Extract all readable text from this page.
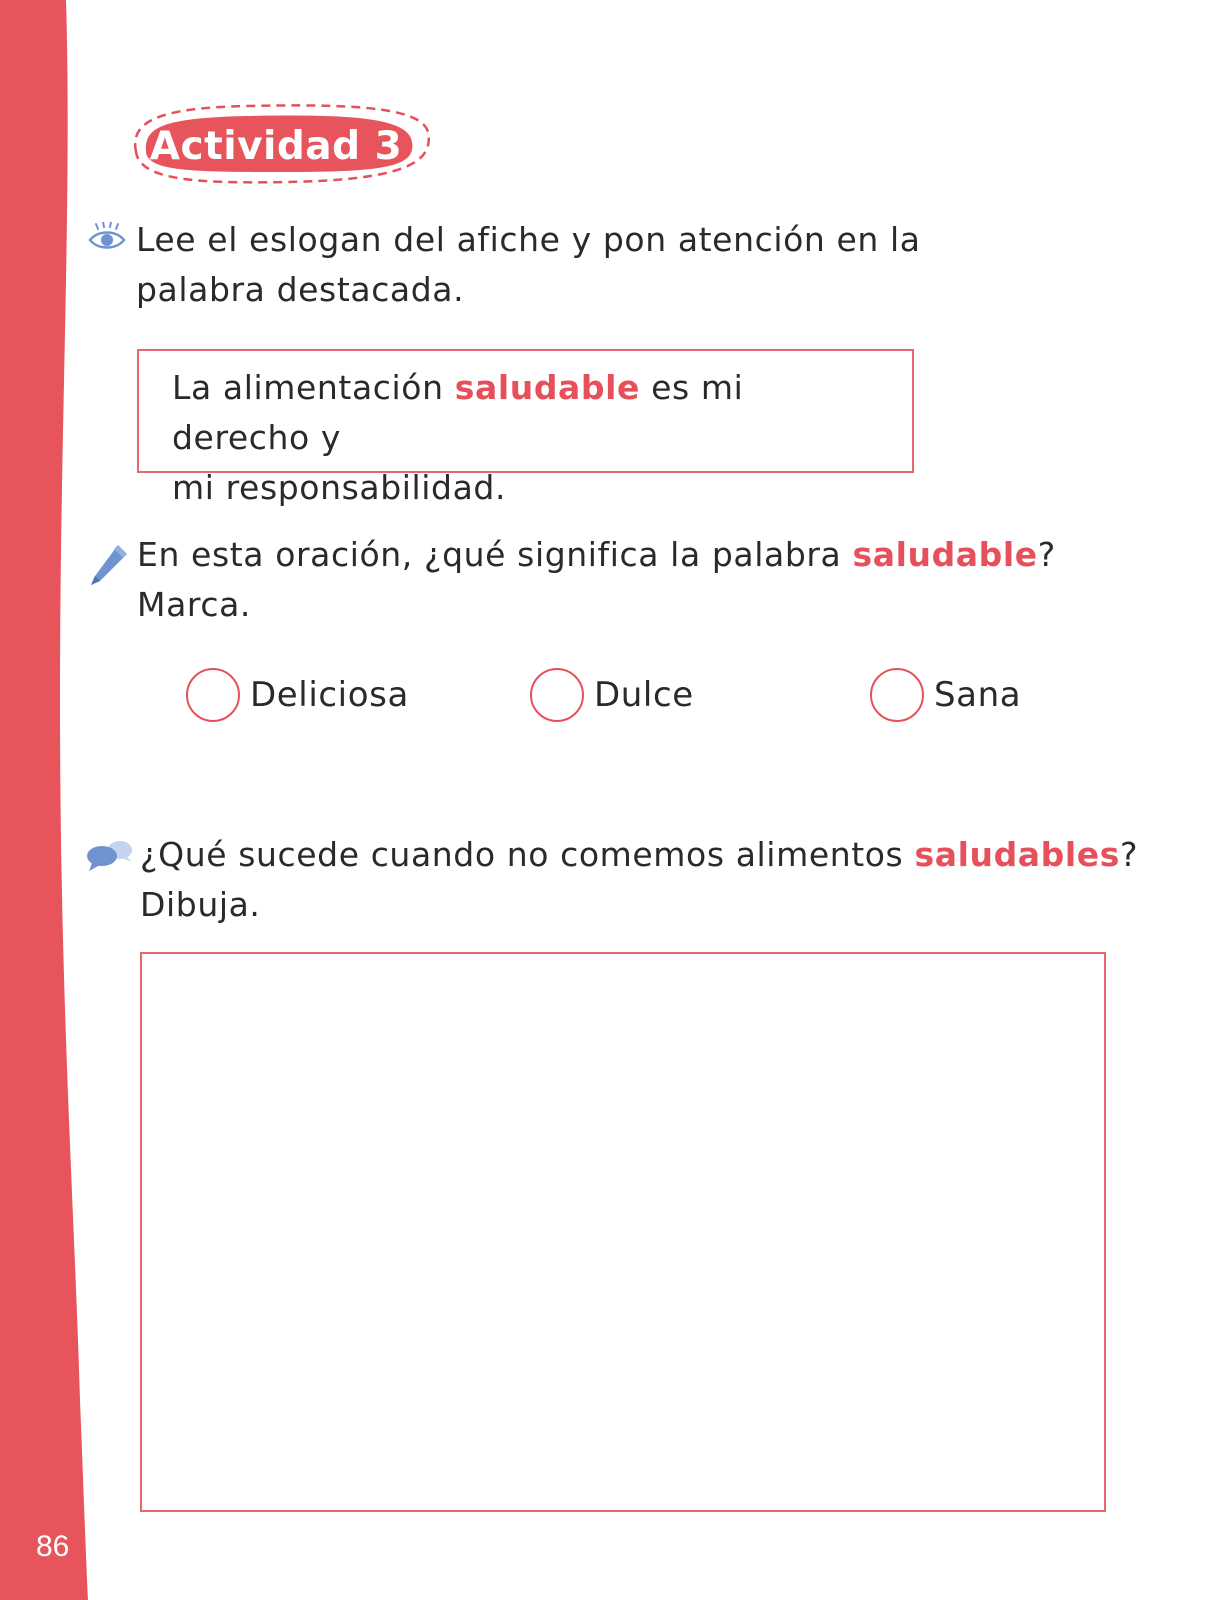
86
Actividad 3
Lee el eslogan del afiche y pon atención en la
palabra destacada.
La alimentación saludable es mi derecho y
mi responsabilidad.
En esta oración, ¿qué significa la palabra saludable?
Marca.
Deliciosa	Dulce	Sana
¿Qué sucede cuando no comemos alimentos saludables?
Dibuja.
